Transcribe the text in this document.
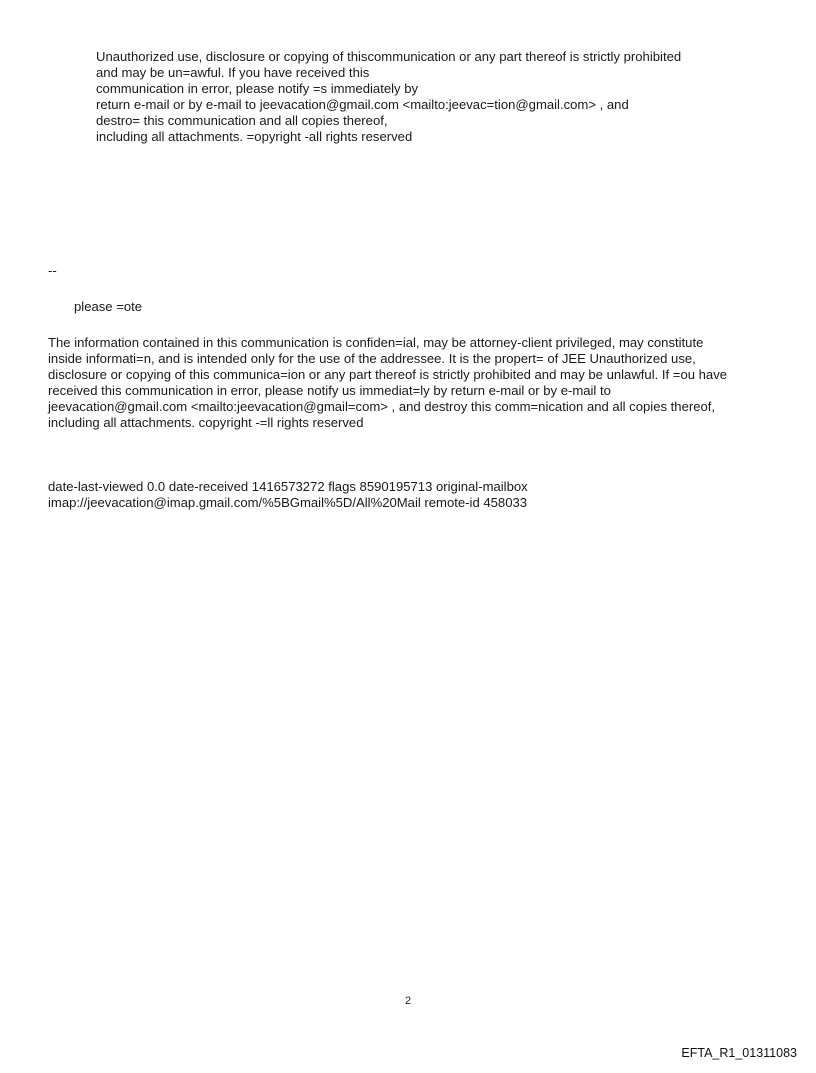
Unauthorized use, disclosure or copying of thiscommunication or any part thereof is strictly prohibited
and may be un=awful. If you have received this
communication in error, please notify =s immediately by
return e-mail or by e-mail to jeevacation@gmail.com <mailto:jeevac=tion@gmail.com> , and
destro= this communication and all copies thereof,
including all attachments. =opyright -all rights reserved
--
please =ote
The information contained in this communication is confiden=ial, may be attorney-client privileged, may constitute
inside informati=n, and is intended only for the use of the addressee. It is the propert= of JEE Unauthorized use,
disclosure or copying of this communica=ion or any part thereof is strictly prohibited and may be unlawful. If =ou have
received this communication in error, please notify us immediat=ly by return e-mail or by e-mail to
jeevacation@gmail.com <mailto:jeevacation@gmail=com> , and destroy this comm=nication and all copies thereof,
including all attachments. copyright -=ll rights reserved
date-last-viewed 0.0 date-received 1416573272 flags 8590195713 original-mailbox
imap://jeevacation@imap.gmail.com/%5BGmail%5D/All%20Mail remote-id 458033
2
EFTA_R1_01311083
